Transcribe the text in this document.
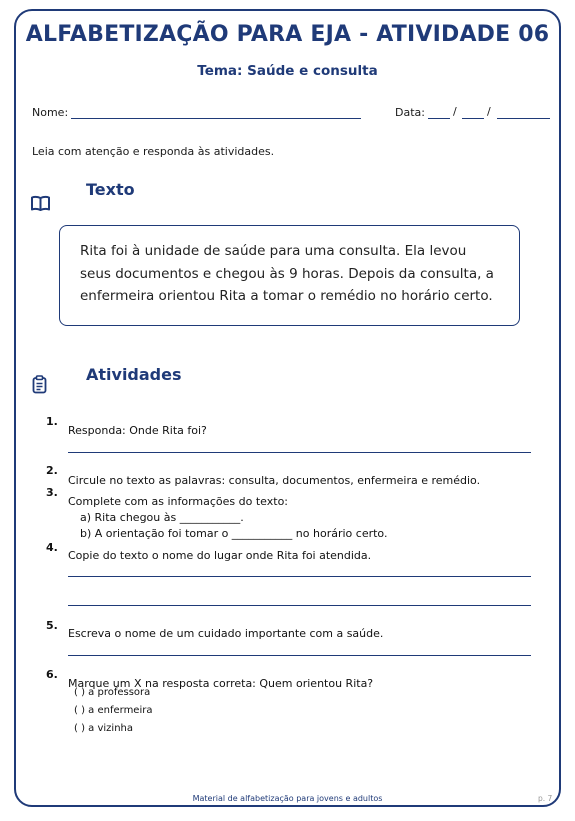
ALFABETIZAÇÃO PARA EJA - ATIVIDADE 06
Tema: Saúde e consulta
Nome:	Data:	/	/
Leia com atenção e responda às atividades.
Texto

Rita foi à unidade de saúde para uma consulta. Ela levou seus documentos e chegou às 9 horas. Depois da consulta, a enfermeira orientou Rita a tomar o remédio no horário certo.

Atividades
1.
Responda: Onde Rita foi?
2.
Circule no texto as palavras: consulta, documentos, enfermeira e remédio.
3.
Complete com as informações do texto:
a) Rita chegou às ___________.
b) A orientação foi tomar o ___________ no horário certo.
4.
Copie do texto o nome do lugar onde Rita foi atendida.
5.
Escreva o nome de um cuidado importante com a saúde.
6.
Marque um X na resposta correta: Quem orientou Rita?
( ) a professora
( ) a enfermeira
( ) a vizinha
Material de alfabetização para jovens e adultos	p. 7
